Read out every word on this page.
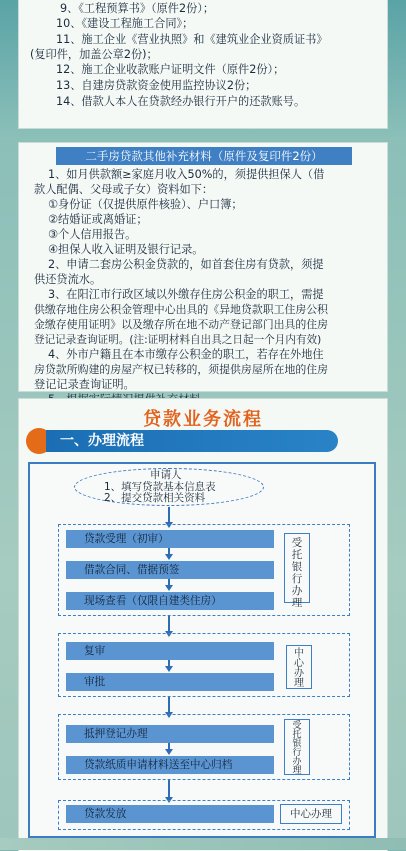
9、《工程预算书》（原件2份）；
10、《建设工程施工合同》；
11、施工企业《营业执照》和《建筑业企业资质证书》
(复印件，加盖公章2份)；
12、施工企业收款账户证明文件（原件2份）；
13、自建房贷款资金使用监控协议2份；
14、借款人本人在贷款经办银行开户的还款账号。
二手房贷款其他补充材料（原件及复印件2份）
1、如月供款额≥家庭月收入50%的，须提供担保人（借
款人配偶、父母或子女）资料如下：
①身份证（仅提供原件核验）、户口簿；
②结婚证或离婚证；
③个人信用报告。
④担保人收入证明及银行记录。
2、申请二套房公积金贷款的，如首套住房有贷款，须提
供还贷流水。
3、在阳江市行政区域以外缴存住房公积金的职工，需提
供缴存地住房公积金管理中心出具的《异地贷款职工住房公积
金缴存使用证明》以及缴存所在地不动产登记部门出具的住房
登记记录查询证明。(注:证明材料自出具之日起一个月内有效)
4、外市户籍且在本市缴存公积金的职工，若存在外地住
房贷款所购建的房屋产权已转移的，须提供房屋所在地的住房
登记记录查询证明。
贷款业务流程
一、办理流程
申请人
1、填写贷款基本信息表
2、提交贷款相关资料
贷款受理（初审）
借款合同、借据预签
现场查看（仅限自建类住房）
受托银行办理
复审
审批
中心办理
抵押登记办理
贷款纸质申请材料送至中心归档
受托银行办理
贷款发放	中心办理
